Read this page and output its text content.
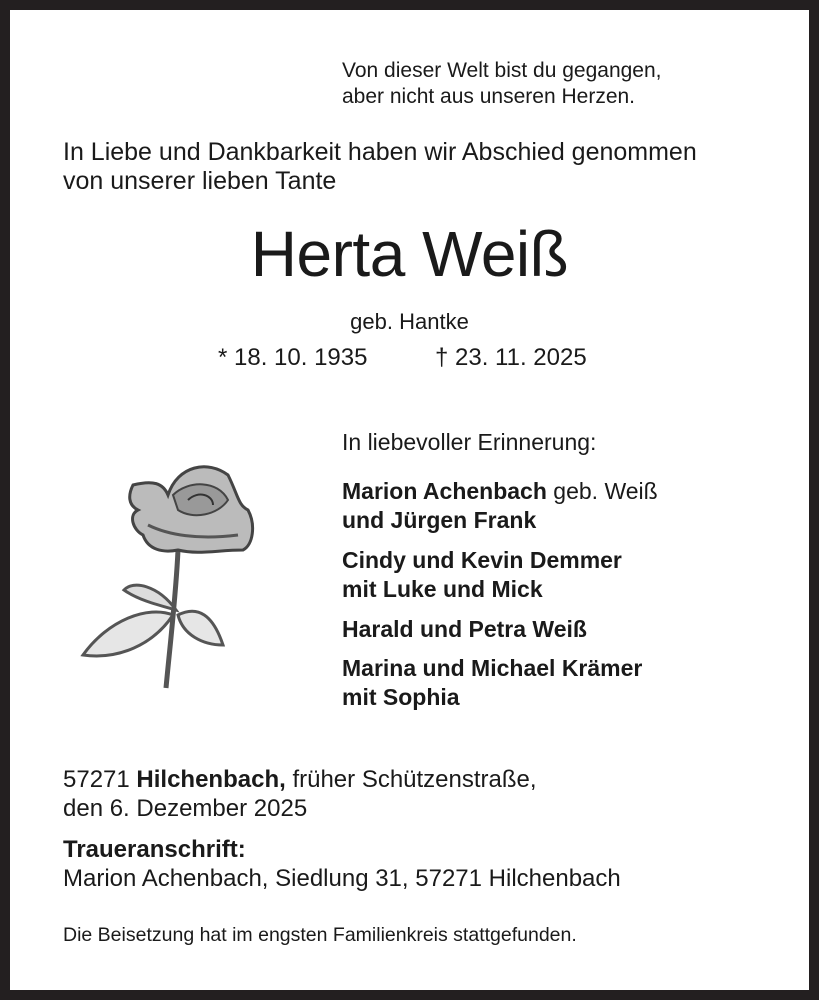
Von dieser Welt bist du gegangen,
aber nicht aus unseren Herzen.
In Liebe und Dankbarkeit haben wir Abschied genommen
von unserer lieben Tante
Herta Weiß
geb. Hantke
* 18. 10. 1935	† 23. 11. 2025
In liebevoller Erinnerung:
Marion Achenbach geb. Weiß
und Jürgen Frank
Cindy und Kevin Demmer
mit Luke und Mick
Harald und Petra Weiß
Marina und Michael Krämer
mit Sophia
57271 Hilchenbach, früher Schützenstraße,
den 6. Dezember 2025
Traueranschrift:
Marion Achenbach, Siedlung 31, 57271 Hilchenbach
Die Beisetzung hat im engsten Familienkreis stattgefunden.
